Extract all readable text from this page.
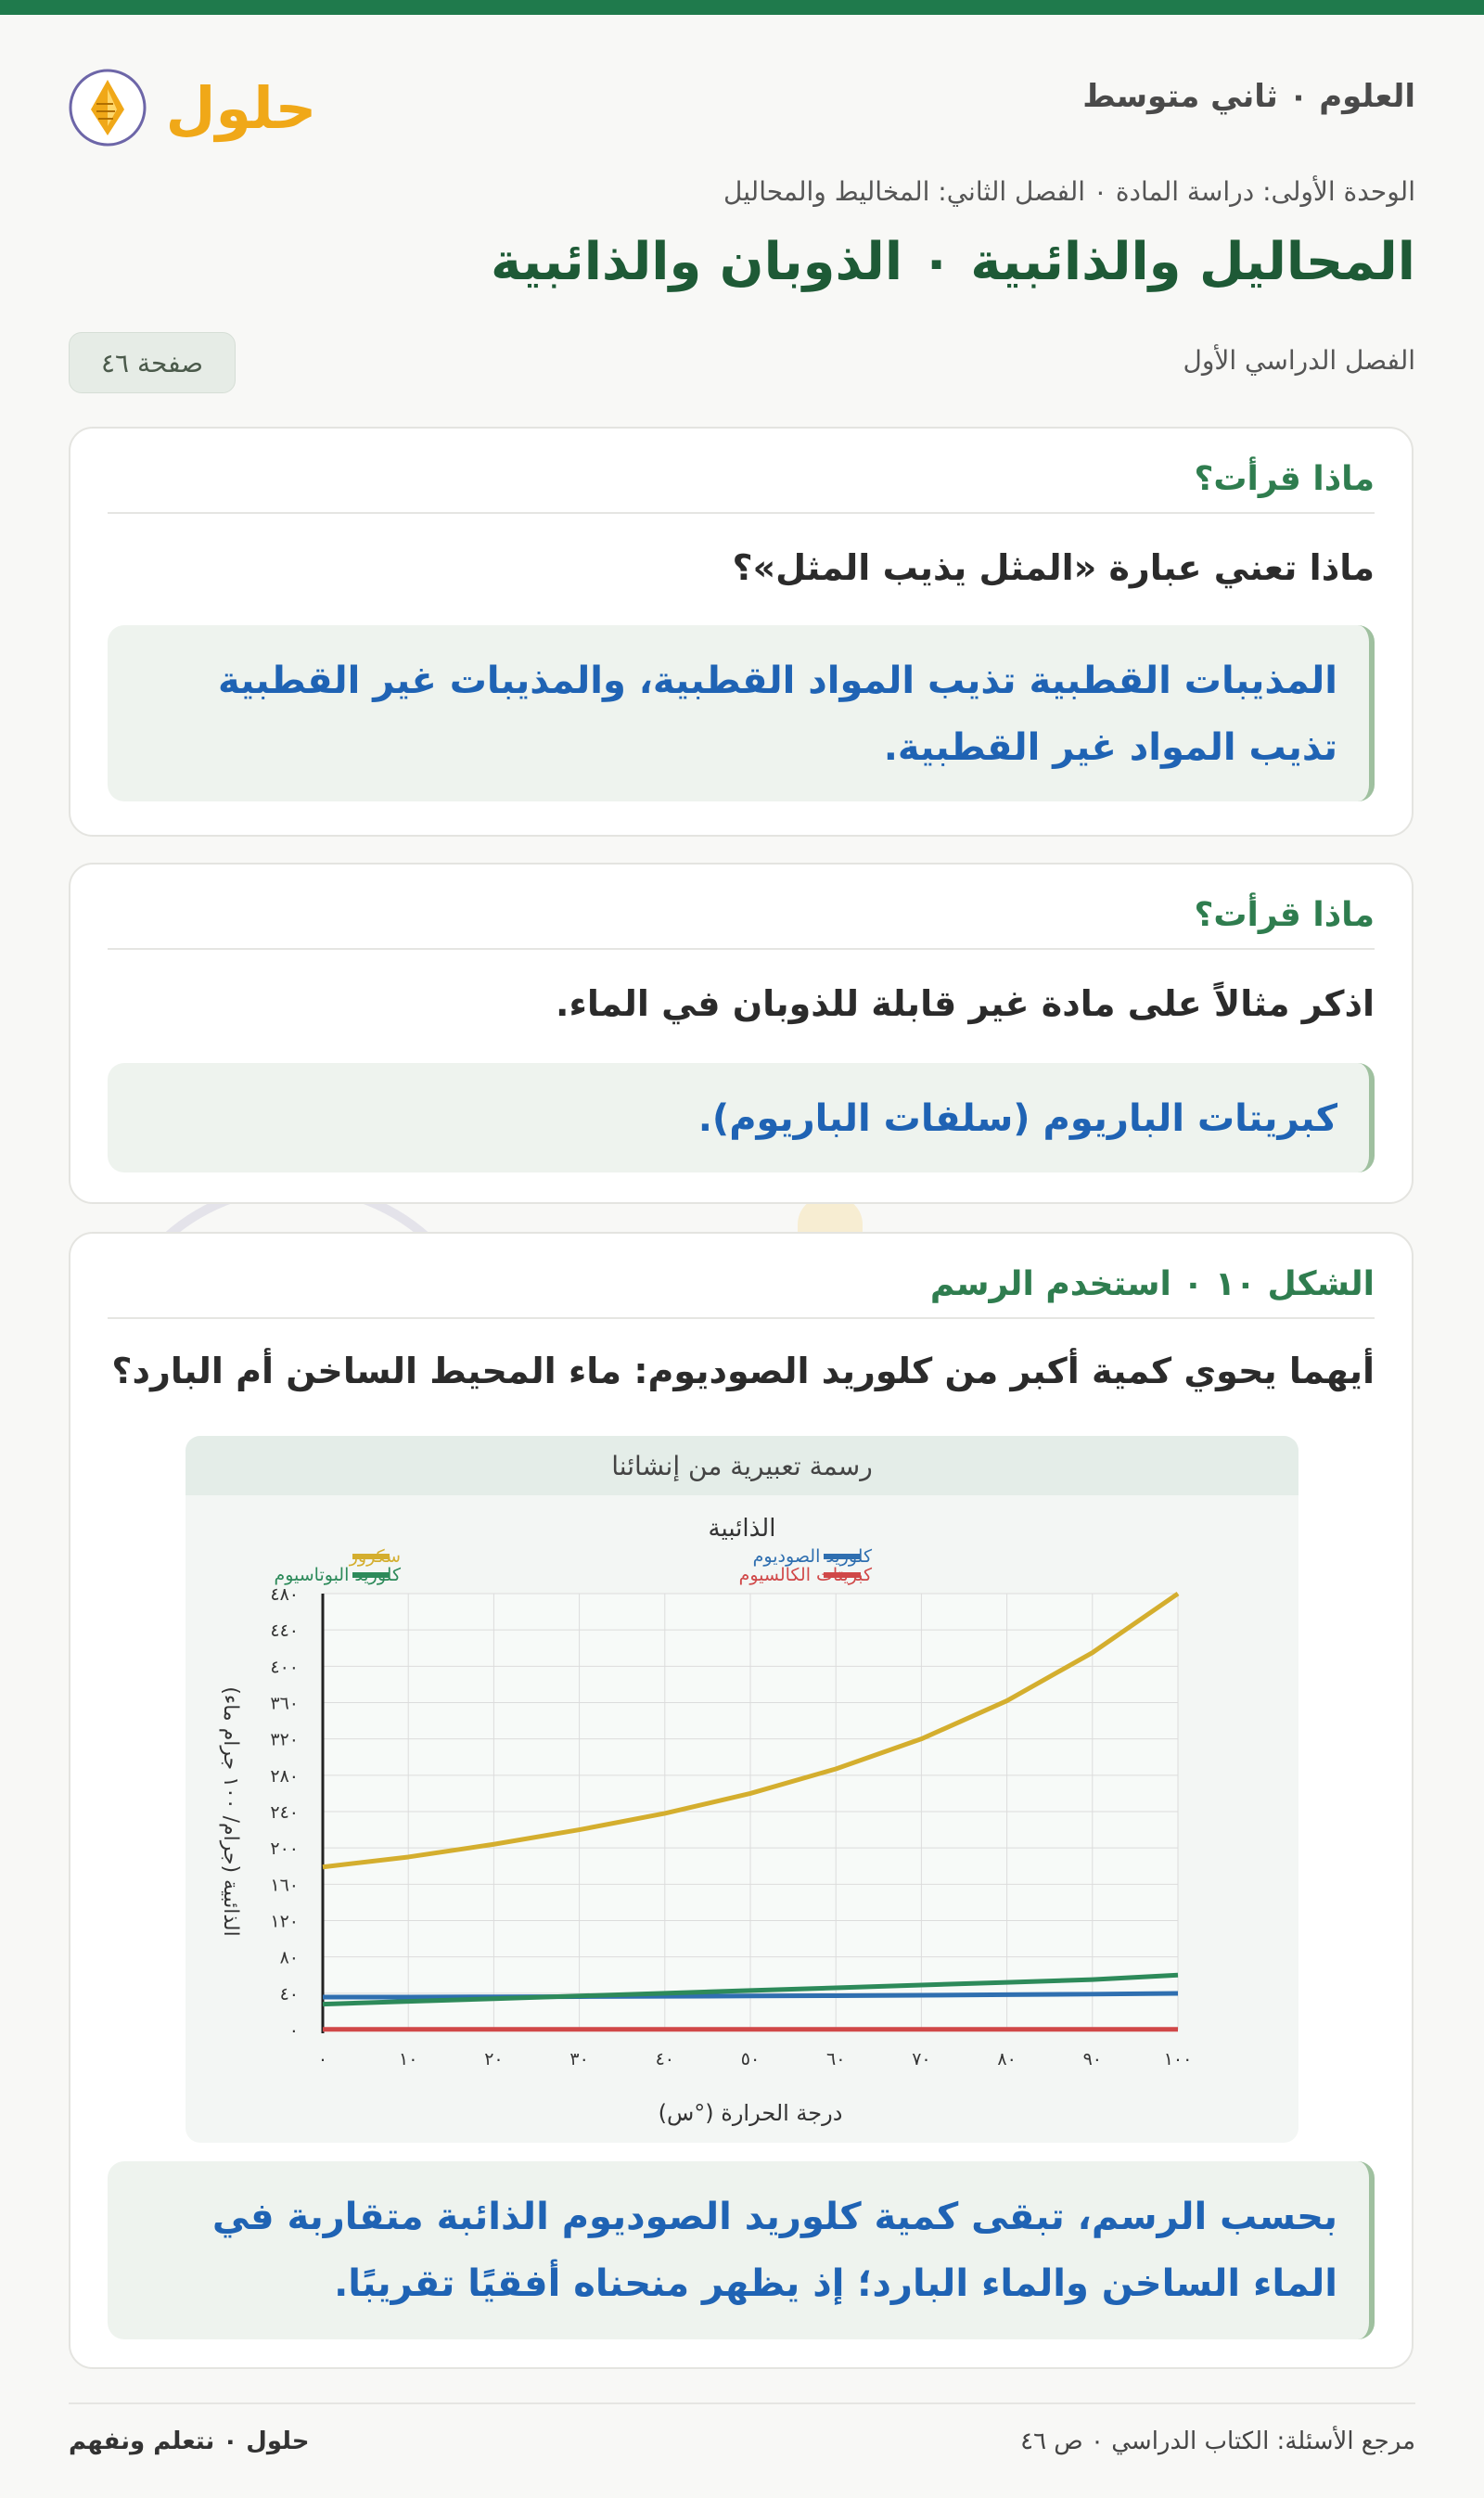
حلول	العلوم ٠ ثاني متوسط
الوحدة الأولى: دراسة المادة ٠ الفصل الثاني: المخاليط والمحاليل
المحاليل والذائبية ٠ الذوبان والذائبية
الفصل الدراسي الأول
صفحة ٤٦
ماذا قرأت؟
ماذا تعني عبارة «المثل يذيب المثل»؟
المذيبات القطبية تذيب المواد القطبية، والمذيبات غير القطبية تذيب المواد غير القطبية.
ماذا قرأت؟
اذكر مثالاً على مادة غير قابلة للذوبان في الماء.
كبريتات الباريوم (سلفات الباريوم).
الشكل ١٠ ٠ استخدم الرسم
أيهما يحوي كمية أكبر من كلوريد الصوديوم: ماء المحيط الساخن أم البارد؟
رسمة تعبيرية من إنشائنا
٠
٤٠
٨٠
١٢٠
١٦٠
٢٠٠
٢٤٠
٢٨٠
٣٢٠
٣٦٠
٤٠٠
٤٤٠
٤٨٠
٠	١٠	٢٠	٣٠	٤٠	٥٠	٦٠	٧٠	٨٠	٩٠	١٠٠
الذائبية
درجة الحرارة (°س)
الذائبية (جرام/ ١٠٠ جرام ماء)
سكروز	كلوريد الصوديوم
كلوريد البوتاسيوم	كبريتات الكالسيوم
بحسب الرسم، تبقى كمية كلوريد الصوديوم الذائبة متقاربة في الماء الساخن والماء البارد؛ إذ يظهر منحناه أفقيًا تقريبًا.
حلول ٠ نتعلم ونفهم	مرجع الأسئلة: الكتاب الدراسي ٠ ص ٤٦
